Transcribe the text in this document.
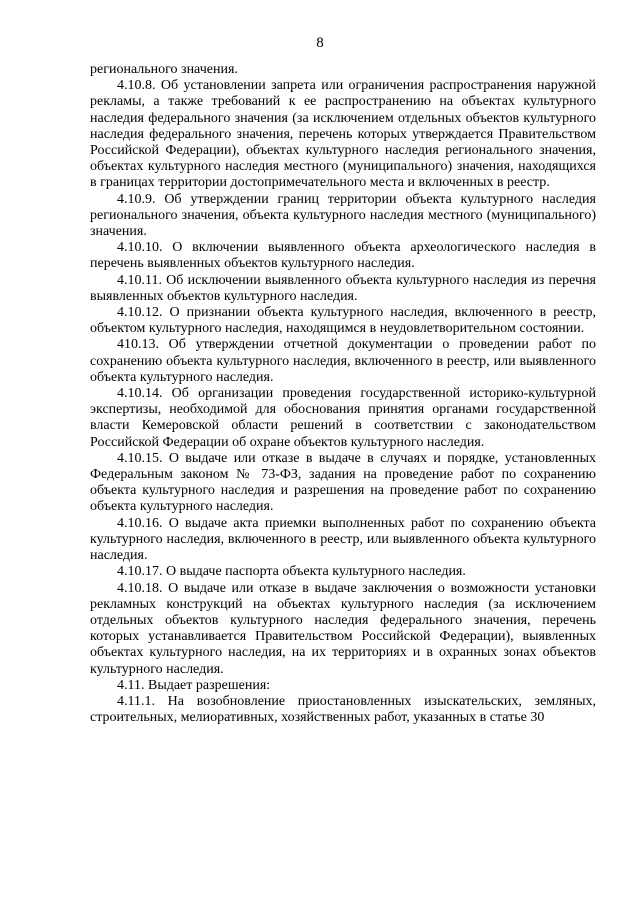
8

регионального значения.

4.10.8. Об установлении запрета или ограничения распространения наружной рекламы, а также требований к ее распространению на объектах культурного наследия федерального значения (за исключением отдельных объектов культурного наследия федерального значения, перечень которых утверждается Правительством Российской Федерации), объектах культурного наследия регионального значения, объектах культурного наследия местного (муниципального) значения, находящихся в границах территории достопримечательного места и включенных в реестр.

4.10.9. Об утверждении границ территории объекта культурного наследия регионального значения, объекта культурного наследия местного (муниципального) значения.

4.10.10. О включении выявленного объекта археологического наследия в перечень выявленных объектов культурного наследия.

4.10.11. Об исключении выявленного объекта культурного наследия из перечня выявленных объектов культурного наследия.

4.10.12. О признании объекта культурного наследия, включенного в реестр, объектом культурного наследия, находящимся в неудовлетворительном состоянии.

410.13. Об утверждении отчетной документации о проведении работ по сохранению объекта культурного наследия, включенного в реестр, или выявленного объекта культурного наследия.

4.10.14. Об организации проведения государственной историко-культурной экспертизы, необходимой для обоснования принятия органами государственной власти Кемеровской области решений в соответствии с законодательством Российской Федерации об охране объектов культурного наследия.

4.10.15. О выдаче или отказе в выдаче в случаях и порядке, установленных Федеральным законом № 73-ФЗ, задания на проведение работ по сохранению объекта культурного наследия и разрешения на проведение работ по сохранению объекта культурного наследия.

4.10.16. О выдаче акта приемки выполненных работ по сохранению объекта культурного наследия, включенного в реестр, или выявленного объекта культурного наследия.

4.10.17. О выдаче паспорта объекта культурного наследия.

4.10.18. О выдаче или отказе в выдаче заключения о возможности установки рекламных конструкций на объектах культурного наследия (за исключением отдельных объектов культурного наследия федерального значения, перечень которых устанавливается Правительством Российской Федерации), выявленных объектах культурного наследия, на их территориях и в охранных зонах объектов культурного наследия.

4.11. Выдает разрешения:

4.11.1. На возобновление приостановленных изыскательских, земляных, строительных, мелиоративных, хозяйственных работ, указанных в статье 30
